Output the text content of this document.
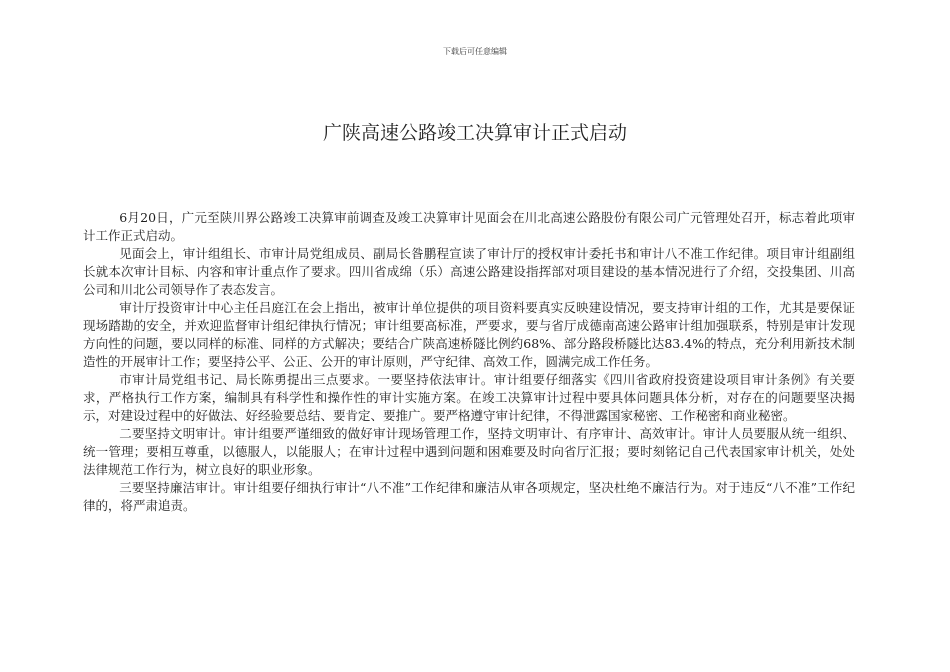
下载后可任意编辑
广陕高速公路竣工决算审计正式启动

6月20日，广元至陕川界公路竣工决算审前调查及竣工决算审计见面会在川北高速公路股份有限公司广元管理处召开，标志着此项审计工作正式启动。

见面会上，审计组组长、市审计局党组成员、副局长昝鹏程宣读了审计厅的授权审计委托书和审计八不准工作纪律。项目审计组副组长就本次审计目标、内容和审计重点作了要求。四川省成绵（乐）高速公路建设指挥部对项目建设的基本情况进行了介绍，交投集团、川高公司和川北公司领导作了表态发言。

审计厅投资审计中心主任吕庭江在会上指出，被审计单位提供的项目资料要真实反映建设情况，要支持审计组的工作，尤其是要保证现场踏勘的安全，并欢迎监督审计组纪律执行情况；审计组要高标准，严要求，要与省厅成德南高速公路审计组加强联系，特别是审计发现方向性的问题，要以同样的标准、同样的方式解决；要结合广陕高速桥隧比例约68%、部分路段桥隧比达83.4%的特点，充分利用新技术制造性的开展审计工作；要坚持公平、公正、公开的审计原则，严守纪律、高效工作，圆满完成工作任务。

市审计局党组书记、局长陈勇提出三点要求。一要坚持依法审计。审计组要仔细落实《四川省政府投资建设项目审计条例》有关要求，严格执行工作方案，编制具有科学性和操作性的审计实施方案。在竣工决算审计过程中要具体问题具体分析，对存在的问题要坚决揭示，对建设过程中的好做法、好经验要总结、要肯定、要推广。要严格遵守审计纪律，不得泄露国家秘密、工作秘密和商业秘密。

二要坚持文明审计。审计组要严谨细致的做好审计现场管理工作，坚持文明审计、有序审计、高效审计。审计人员要服从统一组织、统一管理；要相互尊重，以德服人，以能服人；在审计过程中遇到问题和困难要及时向省厅汇报；要时刻铭记自己代表国家审计机关，处处法律规范工作行为，树立良好的职业形象。

三要坚持廉洁审计。审计组要仔细执行审计“八不准”工作纪律和廉洁从审各项规定，坚决杜绝不廉洁行为。对于违反“八不准”工作纪律的，将严肃追责。
